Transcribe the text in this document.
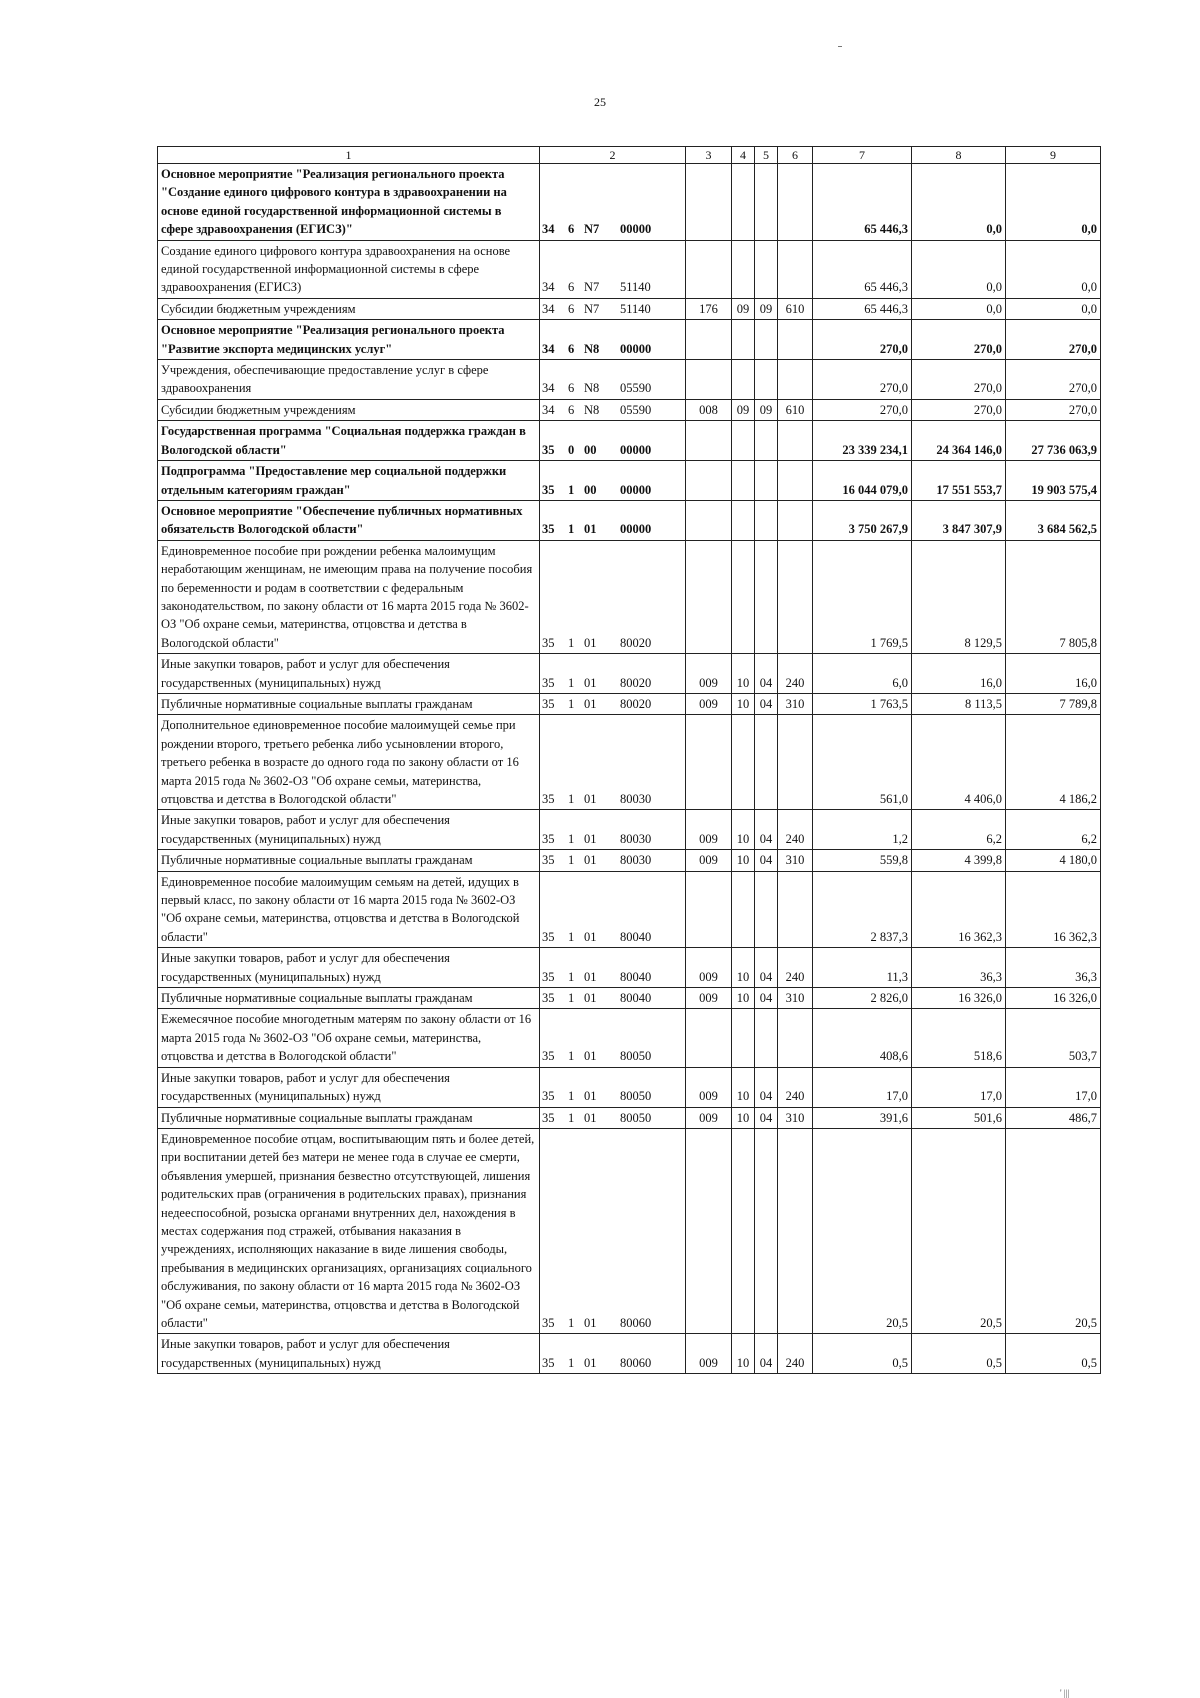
25
1	2	3	4	5	6	7	8	9
Основное мероприятие "Реализация регионального проекта "Создание единого цифрового контура в здравоохранении на основе единой государственной информационной системы в сфере здравоохранения (ЕГИСЗ)"	34 6 N7 00000					65 446,3	0,0	0,0
Создание единого цифрового контура здравоохранения на основе единой государственной информационной системы в сфере здравоохранения (ЕГИСЗ)	34 6 N7 51140					65 446,3	0,0	0,0
Субсидии бюджетным учреждениям	34 6 N7 51140	176	09	09	610	65 446,3	0,0	0,0
Основное мероприятие "Реализация регионального проекта "Развитие экспорта медицинских услуг"	34 6 N8 00000					270,0	270,0	270,0
Учреждения, обеспечивающие предоставление услуг в сфере здравоохранения	34 6 N8 05590					270,0	270,0	270,0
Субсидии бюджетным учреждениям	34 6 N8 05590	008	09	09	610	270,0	270,0	270,0
Государственная программа "Социальная поддержка граждан в Вологодской области"	35 0 00 00000					23 339 234,1	24 364 146,0	27 736 063,9
Подпрограмма "Предоставление мер социальной поддержки отдельным категориям граждан"	35 1 00 00000					16 044 079,0	17 551 553,7	19 903 575,4
Основное мероприятие "Обеспечение публичных нормативных обязательств Вологодской области"	35 1 01 00000					3 750 267,9	3 847 307,9	3 684 562,5
Единовременное пособие при рождении ребенка малоимущим неработающим женщинам, не имеющим права на получение пособия по беременности и родам в соответствии с федеральным законодательством, по закону области от 16 марта 2015 года № 3602-ОЗ "Об охране семьи, материнства, отцовства и детства в Вологодской области"	35 1 01 80020					1 769,5	8 129,5	7 805,8
Иные закупки товаров, работ и услуг для обеспечения государственных (муниципальных) нужд	35 1 01 80020	009	10	04	240	6,0	16,0	16,0
Публичные нормативные социальные выплаты гражданам	35 1 01 80020	009	10	04	310	1 763,5	8 113,5	7 789,8
Дополнительное единовременное пособие малоимущей семье при рождении второго, третьего ребенка либо усыновлении второго, третьего ребенка в возрасте до одного года по закону области от 16 марта 2015 года № 3602-ОЗ "Об охране семьи, материнства, отцовства и детства в Вологодской области"	35 1 01 80030					561,0	4 406,0	4 186,2
Иные закупки товаров, работ и услуг для обеспечения государственных (муниципальных) нужд	35 1 01 80030	009	10	04	240	1,2	6,2	6,2
Публичные нормативные социальные выплаты гражданам	35 1 01 80030	009	10	04	310	559,8	4 399,8	4 180,0
Единовременное пособие малоимущим семьям на детей, идущих в первый класс, по закону области от 16 марта 2015 года № 3602-ОЗ "Об охране семьи, материнства, отцовства и детства в Вологодской области"	35 1 01 80040					2 837,3	16 362,3	16 362,3
Иные закупки товаров, работ и услуг для обеспечения государственных (муниципальных) нужд	35 1 01 80040	009	10	04	240	11,3	36,3	36,3
Публичные нормативные социальные выплаты гражданам	35 1 01 80040	009	10	04	310	2 826,0	16 326,0	16 326,0
Ежемесячное пособие многодетным матерям по закону области от 16 марта 2015 года № 3602-ОЗ "Об охране семьи, материнства, отцовства и детства в Вологодской области"	35 1 01 80050					408,6	518,6	503,7
Иные закупки товаров, работ и услуг для обеспечения государственных (муниципальных) нужд	35 1 01 80050	009	10	04	240	17,0	17,0	17,0
Публичные нормативные социальные выплаты гражданам	35 1 01 80050	009	10	04	310	391,6	501,6	486,7
Единовременное пособие отцам, воспитывающим пять и более детей, при воспитании детей без матери не менее года в случае ее смерти, объявления умершей, признания безвестно отсутствующей, лишения родительских прав (ограничения в родительских правах), признания недееспособной, розыска органами внутренних дел, нахождения в местах содержания под стражей, отбывания наказания в учреждениях, исполняющих наказание в виде лишения свободы, пребывания в медицинских организациях, организациях социального обслуживания, по закону области от 16 марта 2015 года № 3602-ОЗ "Об охране семьи, материнства, отцовства и детства в Вологодской области"	35 1 01 80060					20,5	20,5	20,5
Иные закупки товаров, работ и услуг для обеспечения государственных (муниципальных) нужд	35 1 01 80060	009	10	04	240	0,5	0,5	0,5
' |||
